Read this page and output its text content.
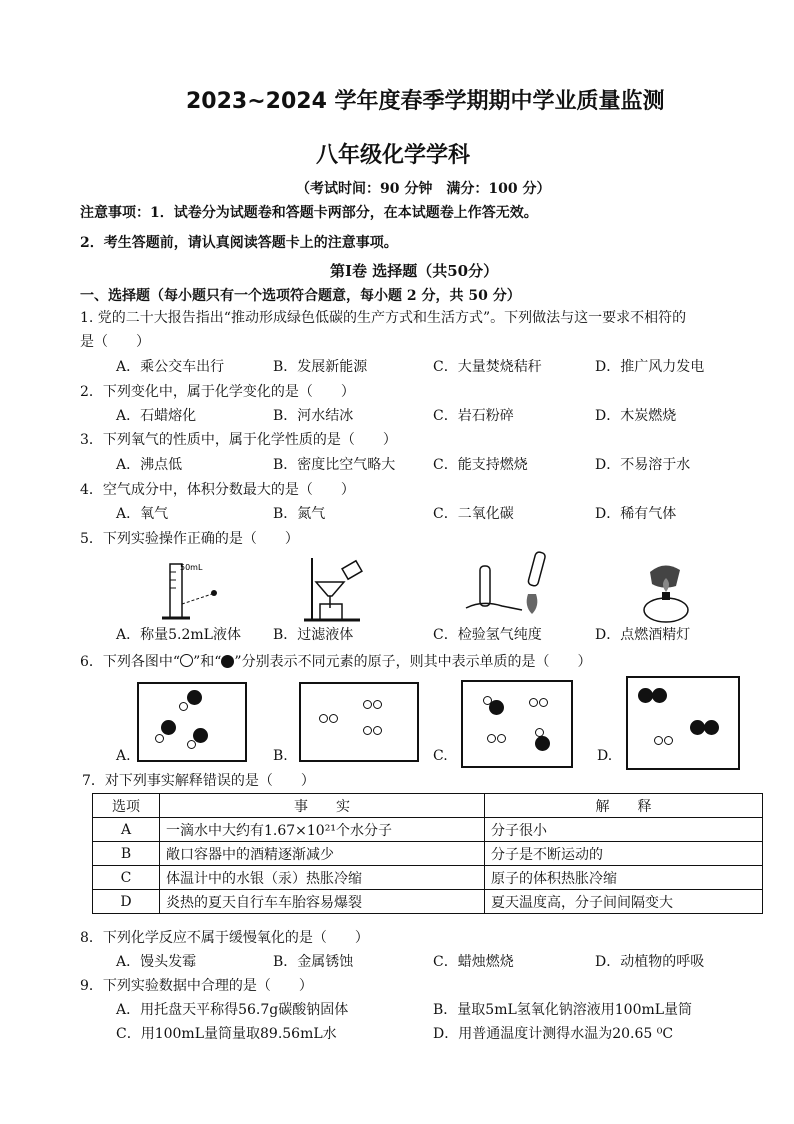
2023~2024 学年度春季学期期中学业质量监测
八年级化学学科
（考试时间：90 分钟　满分：100 分）
注意事项：1．试卷分为试题卷和答题卡两部分，在本试题卷上作答无效。
2．考生答题前，请认真阅读答题卡上的注意事项。
第Ⅰ卷 选择题（共50分）
一、选择题（每小题只有一个选项符合题意，每小题 2 分，共 50 分）
1. 党的二十大报告指出“推动形成绿色低碳的生产方式和生活方式”。下列做法与这一要求不相符的
是（　　）
A．乘公交车出行	B．发展新能源	C．大量焚烧秸秆	D．推广风力发电
2．下列变化中，属于化学变化的是（　　）
A．石蜡熔化	B．河水结冰	C．岩石粉碎	D．木炭燃烧
3．下列氧气的性质中，属于化学性质的是（　　）
A．沸点低	B．密度比空气略大	C．能支持燃烧	D．不易溶于水
4．空气成分中，体积分数最大的是（　　）
A．氧气	B．氮气	C．二氧化碳	D．稀有气体
5．下列实验操作正确的是（　　）
50mL
A．称量5.2mL液体 B．过滤液体	C．检验氢气纯度	D．点燃酒精灯
6．下列各图中“ ”和“ ”分别表示不同元素的原子，则其中表示单质的是（　　）
A.	B.	C.	D.
7．对下列事实解释错误的是（　　）
选项	事　　实	解　　释
A	一滴水中大约有1.67×10²¹个水分子	分子很小
B	敞口容器中的酒精逐渐减少	分子是不断运动的
C	体温计中的水银（汞）热胀冷缩	原子的体积热胀冷缩
D	炎热的夏天自行车车胎容易爆裂	夏天温度高，分子间间隔变大
8．下列化学反应不属于缓慢氧化的是（　　）
A．馒头发霉	B．金属锈蚀	C．蜡烛燃烧	D．动植物的呼吸
9．下列实验数据中合理的是（　　）
A．用托盘天平称得56.7g碳酸钠固体	B．量取5mL氢氧化钠溶液用100mL量筒
C．用100mL量筒量取89.56mL水	D．用普通温度计测得水温为20.65 ⁰C
